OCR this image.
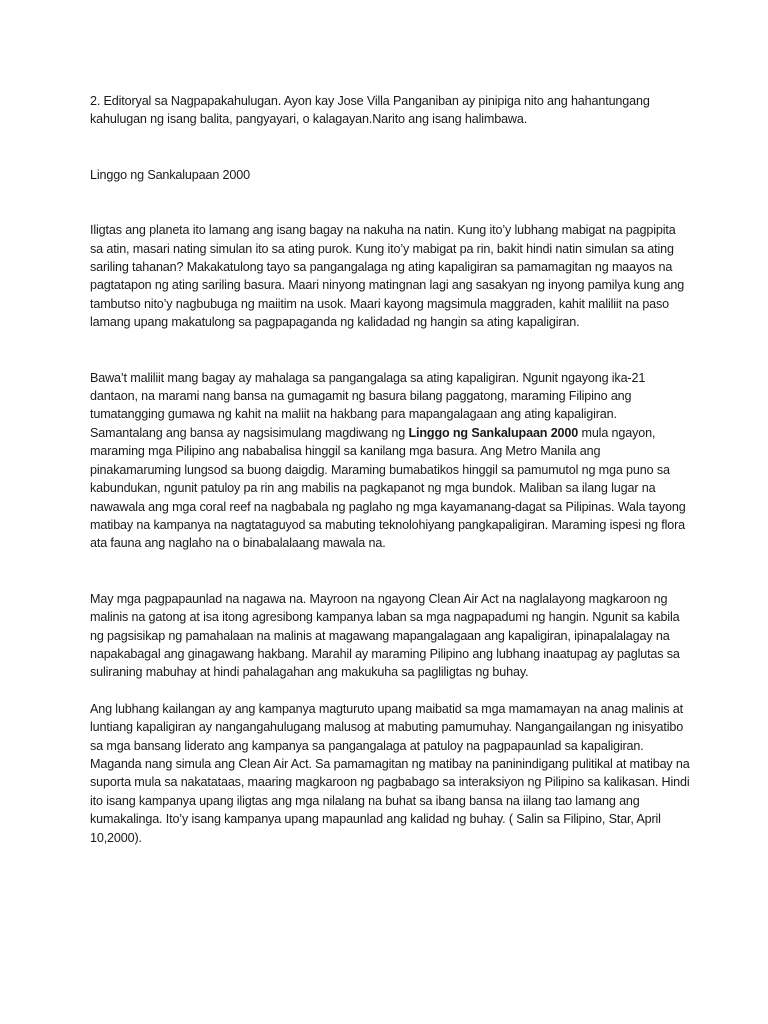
2. Editoryal sa Nagpapakahulugan. Ayon kay Jose Villa Panganiban ay pinipiga nito ang hahantungang kahulugan ng isang balita, pangyayari, o kalagayan.Narito ang isang halimbawa.

Linggo ng Sankalupaan 2000

Iligtas ang planeta ito lamang ang isang bagay na nakuha na natin. Kung ito’y lubhang mabigat na pagpipita sa atin, masari nating simulan ito sa ating purok. Kung ito’y mabigat pa rin, bakit hindi natin simulan sa ating sariling tahanan? Makakatulong tayo sa pangangalaga ng ating kapaligiran sa pamamagitan ng maayos na pagtatapon ng ating sariling basura. Maari ninyong matingnan lagi ang sasakyan ng inyong pamilya kung ang tambutso nito’y nagbubuga ng maiitim na usok. Maari kayong magsimula maggraden, kahit maliliit na paso lamang upang makatulong sa pagpapaganda ng kalidadad ng hangin sa ating kapaligiran.

Bawa’t maliliit mang bagay ay mahalaga sa pangangalaga sa ating kapaligiran. Ngunit ngayong ika-21 dantaon, na marami nang bansa na gumagamit ng basura bilang paggatong, maraming Filipino ang tumatangging gumawa ng kahit na maliit na hakbang para mapangalagaan ang ating kapaligiran. Samantalang ang bansa ay nagsisimulang magdiwang ng Linggo ng Sankalupaan 2000 mula ngayon, maraming mga Pilipino ang nababalisa hinggil sa kanilang mga basura. Ang Metro Manila ang pinakamaruming lungsod sa buong daigdig. Maraming bumabatikos hinggil sa pamumutol ng mga puno sa kabundukan, ngunit patuloy pa rin ang mabilis na pagkapanot ng mga bundok. Maliban sa ilang lugar na nawawala ang mga coral reef na nagbabala ng paglaho ng mga kayamanang-dagat sa Pilipinas. Wala tayong matibay na kampanya na nagtataguyod sa mabuting teknolohiyang pangkapaligiran. Maraming ispesi ng flora ata fauna ang naglaho na o binabalalaang mawala na.

May mga pagpapaunlad na nagawa na. Mayroon na ngayong Clean Air Act na naglalayong magkaroon ng malinis na gatong at isa itong agresibong kampanya laban sa mga nagpapadumi ng hangin. Ngunit sa kabila ng pagsisikap ng pamahalaan na malinis at magawang mapangalagaan ang kapaligiran, ipinapalalagay na napakabagal ang ginagawang hakbang. Marahil ay maraming Pilipino ang lubhang inaatupag ay paglutas sa suliraning mabuhay at hindi pahalagahan ang makukuha sa pagliligtas ng buhay.

Ang lubhang kailangan ay ang kampanya magturuto upang maibatid sa mga mamamayan na anag malinis at luntiang kapaligiran ay nangangahulugang malusog at mabuting pamumuhay. Nangangailangan ng inisyatibo sa mga bansang liderato ang kampanya sa pangangalaga at patuloy na pagpapaunlad sa kapaligiran. Maganda nang simula ang Clean Air Act. Sa pamamagitan ng matibay na paninindigang pulitikal at matibay na suporta mula sa nakatataas, maaring magkaroon ng pagbabago sa interaksiyon ng Pilipino sa kalikasan. Hindi ito isang kampanya upang iligtas ang mga nilalang na buhat sa ibang bansa na iilang tao lamang ang kumakalinga. Ito’y isang kampanya upang mapaunlad ang kalidad ng buhay. ( Salin sa Filipino, Star, April 10,2000).
